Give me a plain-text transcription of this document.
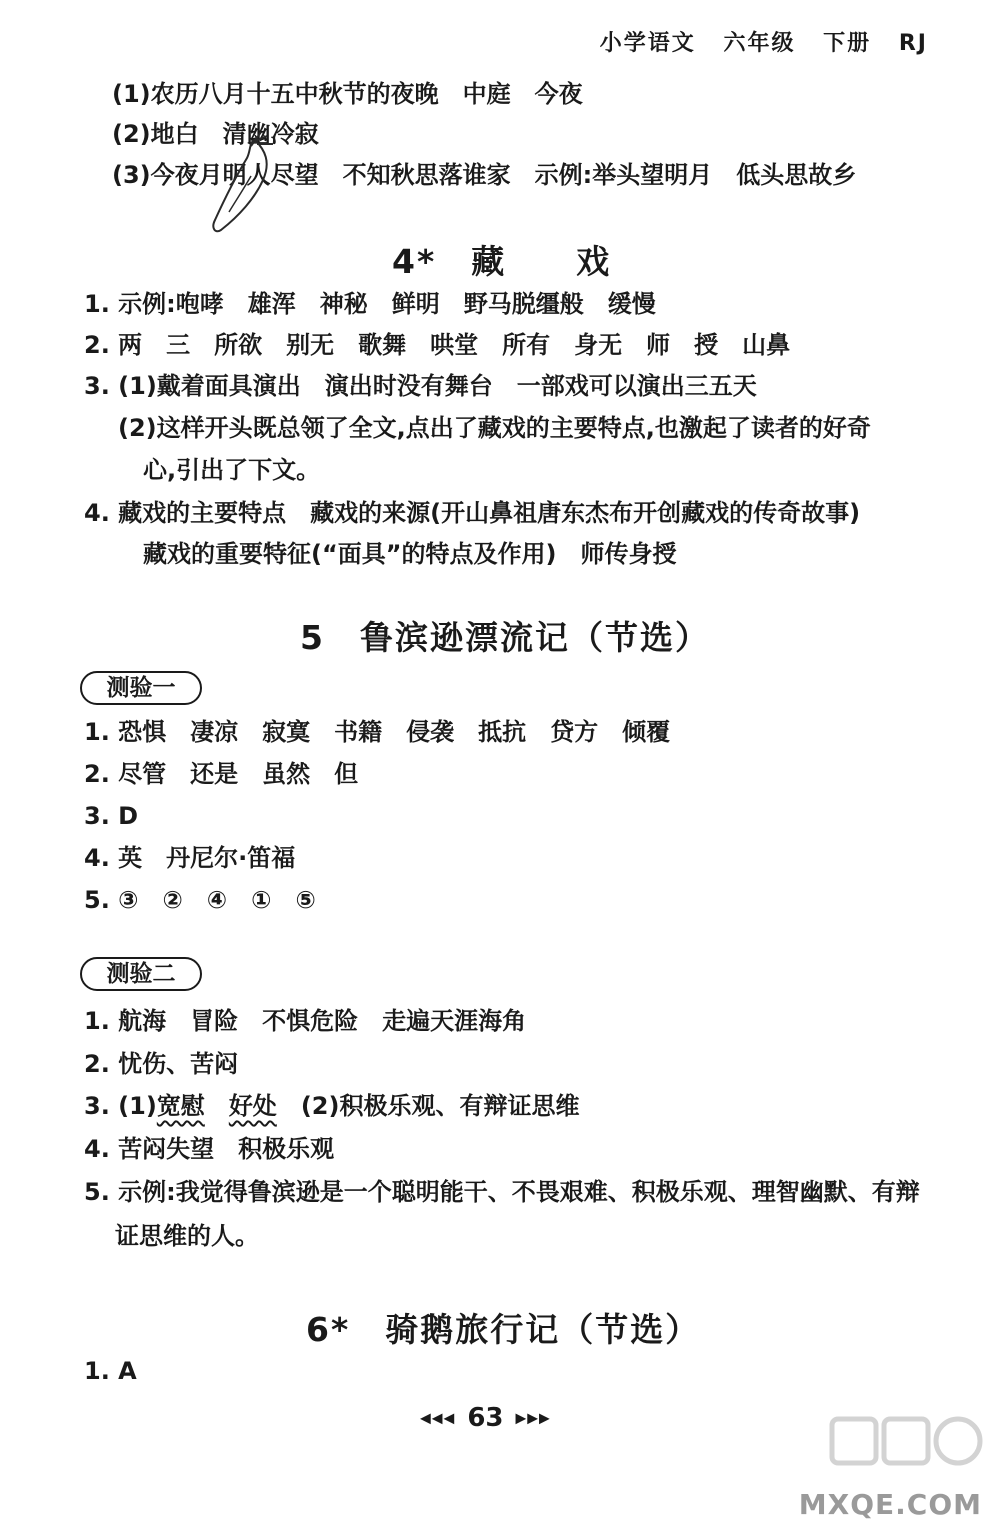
小学语文 六年级 下册 RJ
(1)农历八月十五中秋节的夜晚　中庭　今夜
(2)地白　清幽冷寂
(3)今夜月明人尽望　不知秋思落谁家　示例:举头望明月　低头思故乡
4*　藏　　戏
1. 示例:咆哮　雄浑　神秘　鲜明　野马脱缰般　缓慢
2. 两　三　所欲　别无　歌舞　哄堂　所有　身无　师　授　山鼻
3. (1)戴着面具演出　演出时没有舞台　一部戏可以演出三五天
(2)这样开头既总领了全文,点出了藏戏的主要特点,也激起了读者的好奇
心,引出了下文。
4. 藏戏的主要特点　藏戏的来源(开山鼻祖唐东杰布开创藏戏的传奇故事)
藏戏的重要特征(“面具”的特点及作用)　师传身授
5　鲁滨逊漂流记（节选）
测验一
1. 恐惧　凄凉　寂寞　书籍　侵袭　抵抗　贷方　倾覆
2. 尽管　还是　虽然　但
3. D
4. 英　丹尼尔·笛福
5. ③　②　④　①　⑤
测验二
1. 航海　冒险　不惧危险　走遍天涯海角
2. 忧伤、苦闷
3. (1)宽慰　 好处　 (2)积极乐观、有辩证思维
4. 苦闷失望　积极乐观
5. 示例:我觉得鲁滨逊是一个聪明能干、不畏艰难、积极乐观、理智幽默、有辩
证思维的人。
6*　骑鹅旅行记（节选）
1. A
◀◀◀ 63 ▶▶▶
MXQE.COM
